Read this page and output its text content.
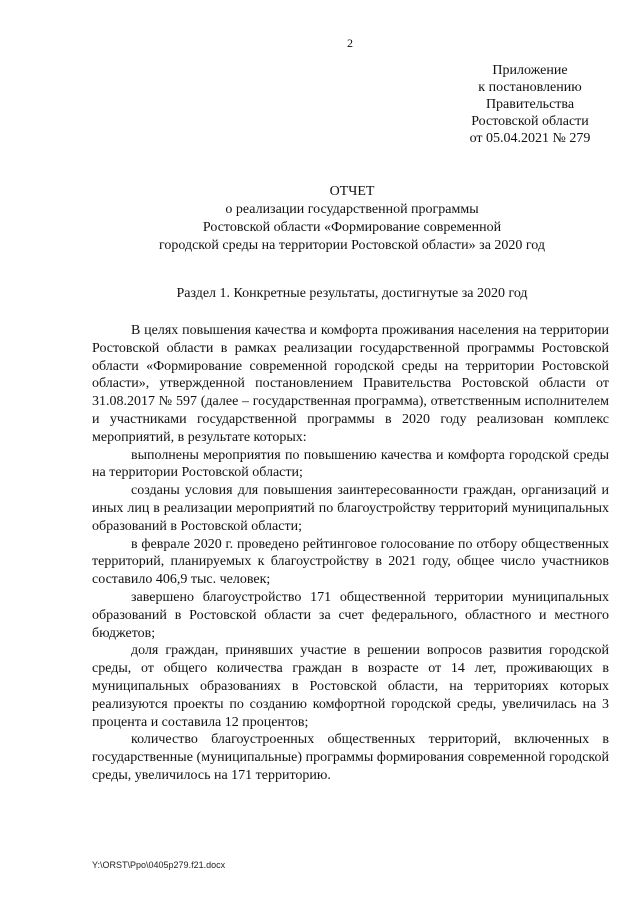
2
Приложение
к постановлению
Правительства
Ростовской области
от 05.04.2021 № 279
ОТЧЕТ
о реализации государственной программы
Ростовской области «Формирование современной
городской среды на территории Ростовской области» за 2020 год
Раздел 1. Конкретные результаты, достигнутые за 2020 год

В целях повышения качества и комфорта проживания населения на территории Ростовской области в рамках реализации государственной программы Ростовской области «Формирование современной городской среды на территории Ростовской области», утвержденной постановлением Правительства Ростовской области от 31.08.2017 № 597 (далее – государственная программа), ответственным исполнителем и участниками государственной программы в 2020 году реализован комплекс мероприятий, в результате которых:

выполнены мероприятия по повышению качества и комфорта городской среды на территории Ростовской области;

созданы условия для повышения заинтересованности граждан, организаций и иных лиц в реализации мероприятий по благоустройству территорий муниципальных образований в Ростовской области;

в феврале 2020 г. проведено рейтинговое голосование по отбору общественных территорий, планируемых к благоустройству в 2021 году, общее число участников составило 406,9 тыс. человек;

завершено благоустройство 171 общественной территории муниципальных образований в Ростовской области за счет федерального, областного и местного бюджетов;

доля граждан, принявших участие в решении вопросов развития городской среды, от общего количества граждан в возрасте от 14 лет, проживающих в муниципальных образованиях в Ростовской области, на территориях которых реализуются проекты по созданию комфортной городской среды, увеличилась на 3 процента и составила 12 процентов;

количество благоустроенных общественных территорий, включенных в государственные (муниципальные) программы формирования современной городской среды, увеличилось на 171 территорию.

Y:\ORST\Ppo\0405p279.f21.docx
